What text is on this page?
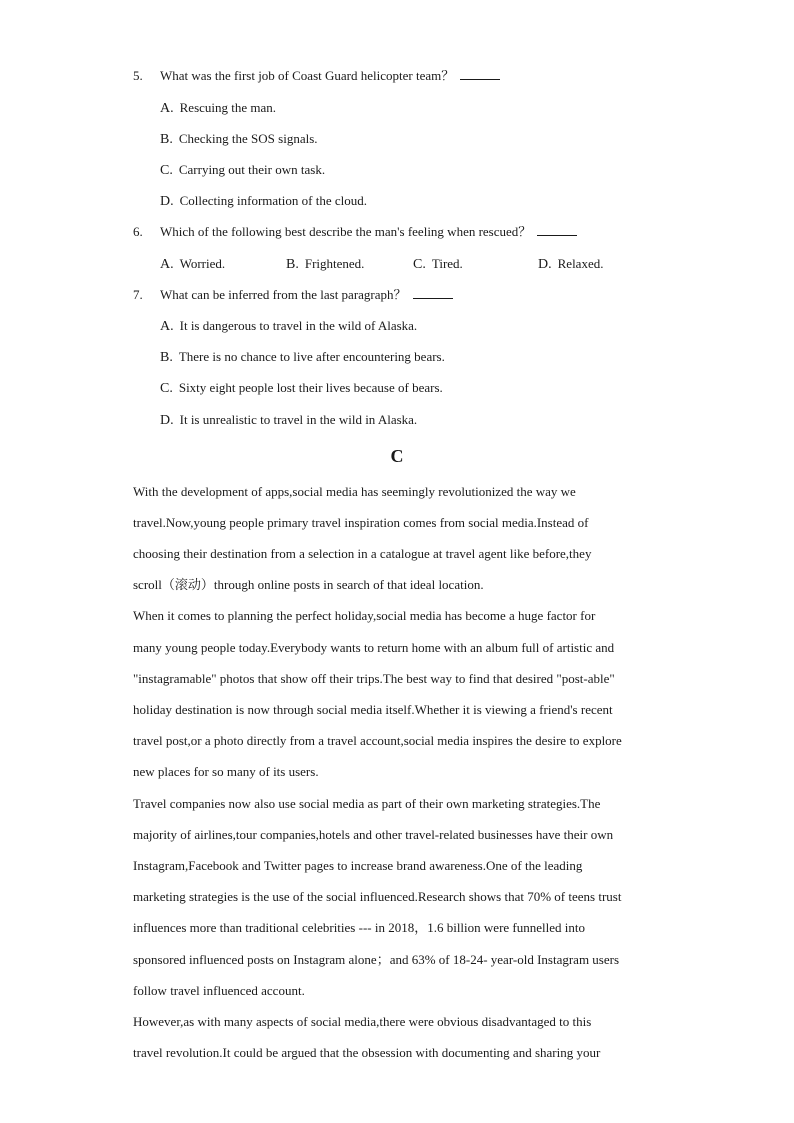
5.	What was the first job of Coast Guard helicopter team？
A. Rescuing the man.
B. Checking the SOS signals.
C. Carrying out their own task.
D. Collecting information of the cloud.
6.	Which of the following best describe the man's feeling when rescued？
A. Worried.	B. Frightened.	C. Tired.	D. Relaxed.
7.	What can be inferred from the last paragraph？
A. It is dangerous to travel in the wild of Alaska.
B. There is no chance to live after encountering bears.
C. Sixty eight people lost their lives because of bears.
D. It is unrealistic to travel in the wild in Alaska.
C
With the development of apps,social media has seemingly revolutionized the way we
travel.Now,young people primary travel inspiration comes from social media.Instead of
choosing their destination from a selection in a catalogue at travel agent like before,they
scroll（滚动）through online posts in search of that ideal location.
When it comes to planning the perfect holiday,social media has become a huge factor for
many young people today.Everybody wants to return home with an album full of artistic and
"instagramable" photos that show off their trips.The best way to find that desired "post-able"
holiday destination is now through social media itself.Whether it is viewing a friend's recent
travel post,or a photo directly from a travel account,social media inspires the desire to explore
new places for so many of its users.
Travel companies now also use social media as part of their own marketing strategies.The
majority of airlines,tour companies,hotels and other travel-related businesses have their own
Instagram,Facebook and Twitter pages to increase brand awareness.One of the leading
marketing strategies is the use of the social influenced.Research shows that 70% of teens trust
influences more than traditional celebrities --- in 2018，1.6 billion were funnelled into
sponsored influenced posts on Instagram alone；and 63% of 18-24- year-old Instagram users
follow travel influenced account.
However,as with many aspects of social media,there were obvious disadvantaged to this
travel revolution.It could be argued that the obsession with documenting and sharing your
